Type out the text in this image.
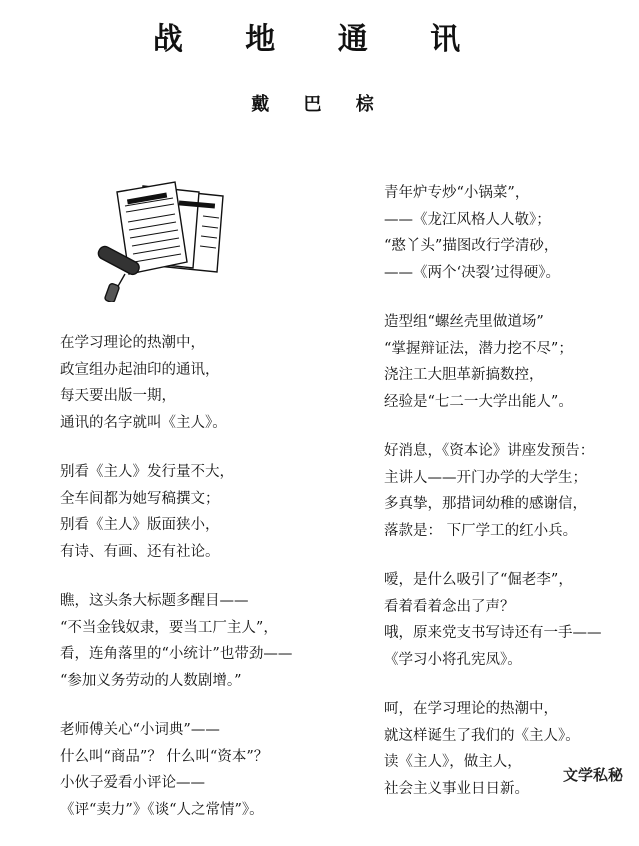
战 地 通 讯
戴 巴 棕
在学习理论的热潮中，
政宣组办起油印的通讯，
每天要出版一期，
通讯的名字就叫《主人》。
别看《主人》发行量不大，
全车间都为她写稿撰文；
别看《主人》版面狭小，
有诗、有画、还有社论。
瞧，这头条大标题多醒目——
“不当金钱奴隶，要当工厂主人”，
看，连角落里的“小统计”也带劲——
“参加义务劳动的人数剧增。”
老师傅关心“小词典”——
什么叫“商品”？ 什么叫“资本”？
小伙子爱看小评论——
《评“卖力”》《谈“人之常情”》。
青年炉专炒“小锅菜”，
——《龙江风格人人敬》；
“憨丫头”描图改行学清砂，
——《两个‘决裂’过得硬》。
造型组“螺丝壳里做道场”
“掌握辩证法，潜力挖不尽”；
浇注工大胆革新搞数控，
经验是“七二一大学出能人”。
好消息，《资本论》讲座发预告：
主讲人——开门办学的大学生；
多真挚，那措词幼稚的感谢信，
落款是： 下厂学工的红小兵。
嗳，是什么吸引了“倔老李”，
看着看着念出了声？
哦，原来党支书写诗还有一手——
《学习小将孔宪凤》。
呵，在学习理论的热潮中，
就这样诞生了我们的《主人》。
读《主人》，做主人，
社会主义事业日日新。
文学私秘
